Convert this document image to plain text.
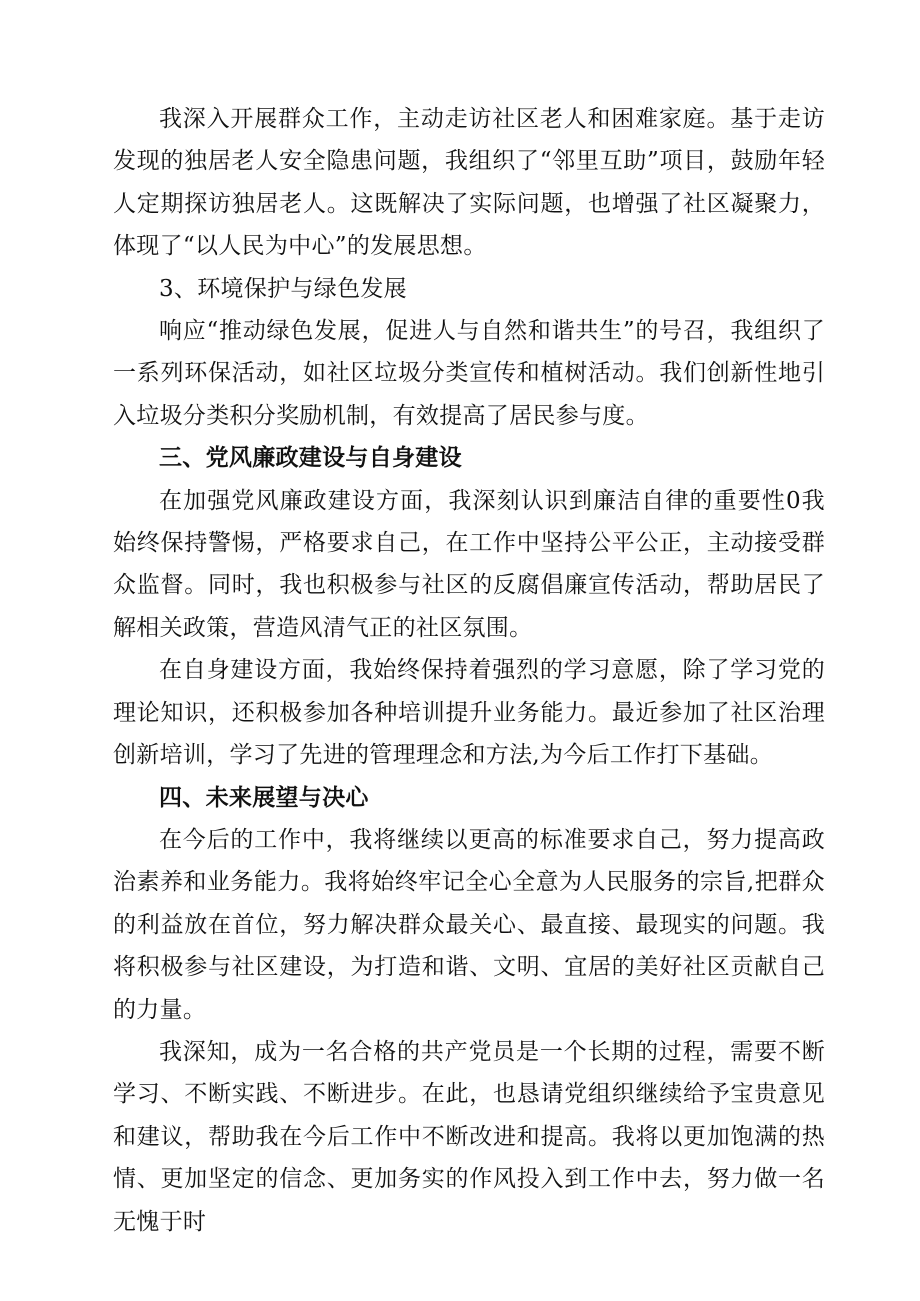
我深入开展群众工作，主动走访社区老人和困难家庭。基于走访发现的独居老人安全隐患问题，我组织了“邻里互助”项目，鼓励年轻人定期探访独居老人。这既解决了实际问题，也增强了社区凝聚力，体现了“以人民为中心”的发展思想。

3、环境保护与绿色发展

响应“推动绿色发展，促进人与自然和谐共生”的号召，我组织了一系列环保活动，如社区垃圾分类宣传和植树活动。我们创新性地引入垃圾分类积分奖励机制，有效提高了居民参与度。

三、党风廉政建设与自身建设

在加强党风廉政建设方面，我深刻认识到廉洁自律的重要性0我始终保持警惕，严格要求自己，在工作中坚持公平公正，主动接受群众监督。同时，我也积极参与社区的反腐倡廉宣传活动，帮助居民了解相关政策，营造风清气正的社区氛围。

在自身建设方面，我始终保持着强烈的学习意愿，除了学习党的理论知识，还积极参加各种培训提升业务能力。最近参加了社区治理创新培训，学习了先进的管理理念和方法,为今后工作打下基础。

四、未来展望与决心

在今后的工作中，我将继续以更高的标准要求自己，努力提高政治素养和业务能力。我将始终牢记全心全意为人民服务的宗旨,把群众的利益放在首位，努力解决群众最关心、最直接、最现实的问题。我将积极参与社区建设，为打造和谐、文明、宜居的美好社区贡献自己的力量。

我深知，成为一名合格的共产党员是一个长期的过程，需要不断学习、不断实践、不断进步。在此，也恳请党组织继续给予宝贵意见和建议，帮助我在今后工作中不断改进和提高。我将以更加饱满的热情、更加坚定的信念、更加务实的作风投入到工作中去，努力做一名无愧于时
